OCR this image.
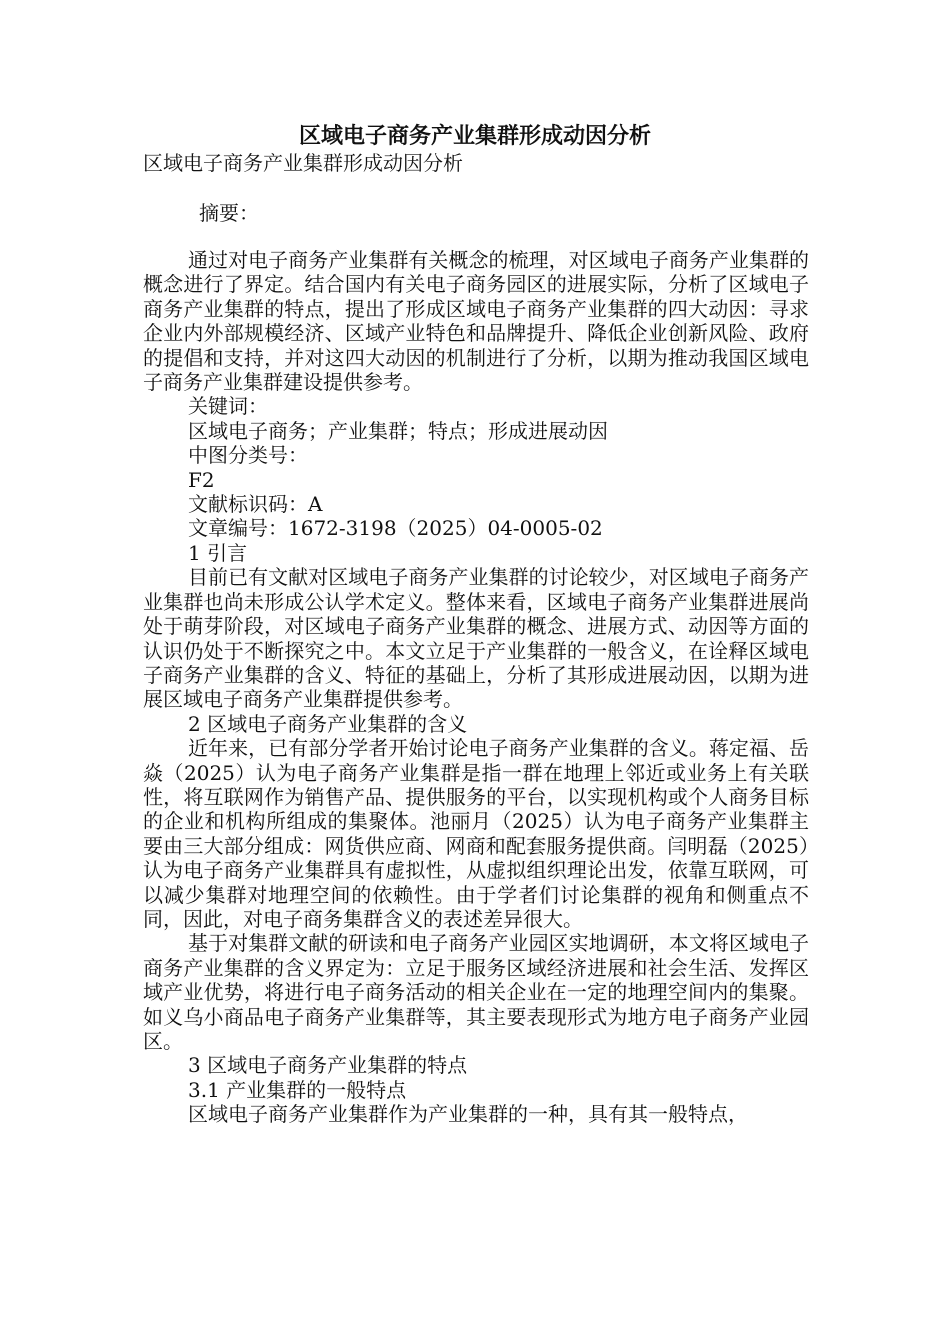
区域电子商务产业集群形成动因分析
区域电子商务产业集群形成动因分析
摘要：

通过对电子商务产业集群有关概念的梳理，对区域电子商务产业集群的概念进行了界定。结合国内有关电子商务园区的进展实际，分析了区域电子商务产业集群的特点，提出了形成区域电子商务产业集群的四大动因：寻求企业内外部规模经济、区域产业特色和品牌提升、降低企业创新风险、政府的提倡和支持，并对这四大动因的机制进行了分析，以期为推动我国区域电子商务产业集群建设提供参考。

关键词：

区域电子商务；产业集群；特点；形成进展动因

中图分类号：

F2

文献标识码：A

文章编号：1672-3198（2025）04-0005-02

1 引言

目前已有文献对区域电子商务产业集群的讨论较少，对区域电子商务产业集群也尚未形成公认学术定义。整体来看，区域电子商务产业集群进展尚处于萌芽阶段，对区域电子商务产业集群的概念、进展方式、动因等方面的认识仍处于不断探究之中。本文立足于产业集群的一般含义，在诠释区域电子商务产业集群的含义、特征的基础上，分析了其形成进展动因，以期为进展区域电子商务产业集群提供参考。

2 区域电子商务产业集群的含义

近年来，已有部分学者开始讨论电子商务产业集群的含义。蒋定福、岳焱（2025）认为电子商务产业集群是指一群在地理上邻近或业务上有关联性，将互联网作为销售产品、提供服务的平台，以实现机构或个人商务目标的企业和机构所组成的集聚体。池丽月（2025）认为电子商务产业集群主要由三大部分组成：网货供应商、网商和配套服务提供商。闫明磊（2025）认为电子商务产业集群具有虚拟性，从虚拟组织理论出发，依靠互联网，可以减少集群对地理空间的依赖性。由于学者们讨论集群的视角和侧重点不同，因此，对电子商务集群含义的表述差异很大。

基于对集群文献的研读和电子商务产业园区实地调研，本文将区域电子商务产业集群的含义界定为：立足于服务区域经济进展和社会生活、发挥区域产业优势，将进行电子商务活动的相关企业在一定的地理空间内的集聚。如义乌小商品电子商务产业集群等，其主要表现形式为地方电子商务产业园区。

3 区域电子商务产业集群的特点

3.1 产业集群的一般特点

区域电子商务产业集群作为产业集群的一种，具有其一般特点，
